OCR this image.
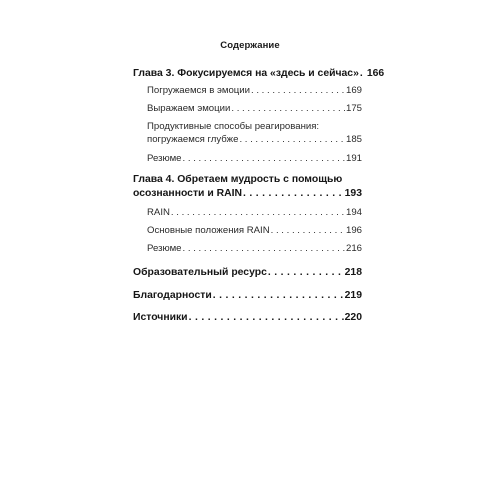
Содержание
Глава 3. Фокусируемся на «здесь и сейчас» . . . 166
Погружаемся в эмоции . . .	169
Выражаем эмоции . . .	175
Продуктивные способы реагирования:
погружаемся глубже . . .	185
Резюме . . .	191
Глава 4. Обретаем мудрость с помощью
осознанности и RAIN . . .	193
RAIN . . .	194
Основные положения RAIN . . .	196
Резюме . . .	216
Образовательный ресурс . . .	218
Благодарности . . .	219
Источники . . .	220
